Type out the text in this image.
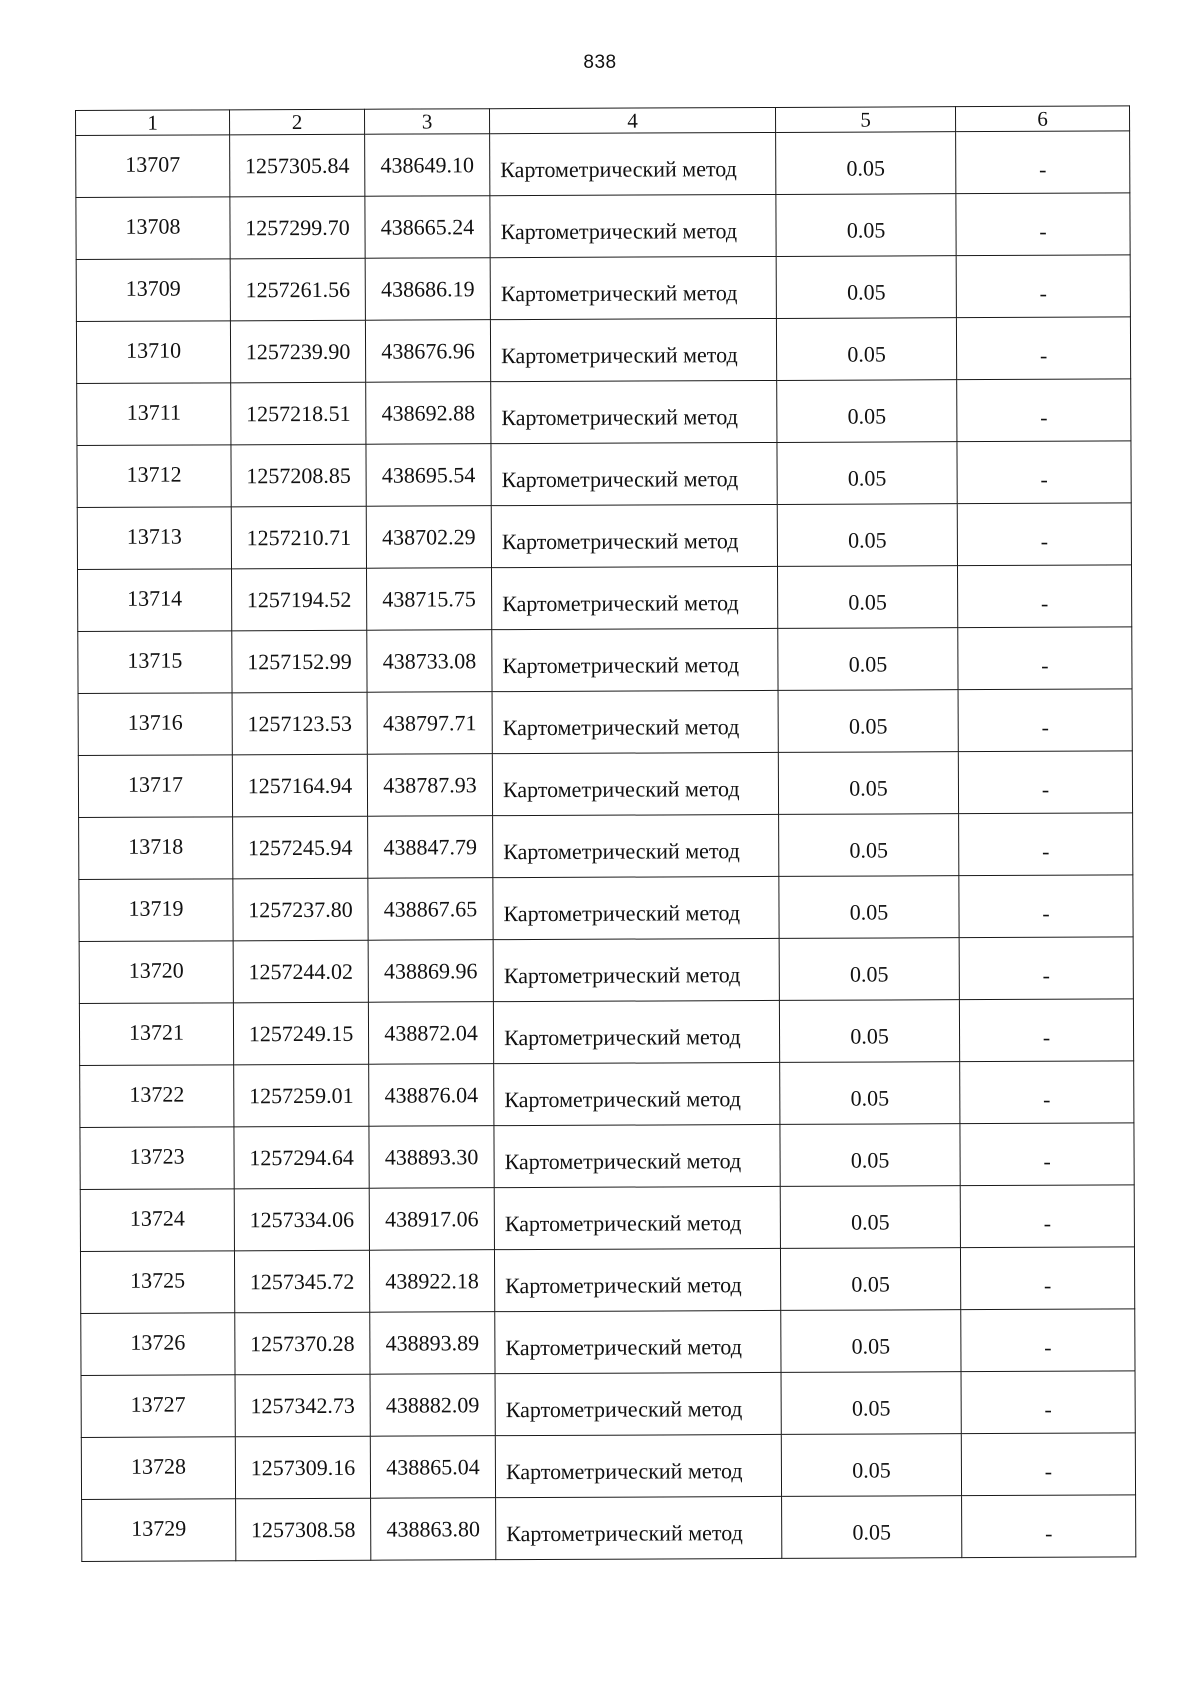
838
1	2	3	4	5	6
13707	1257305.84	438649.10	Картометрический метод	0.05	-
13708	1257299.70	438665.24	Картометрический метод	0.05	-
13709	1257261.56	438686.19	Картометрический метод	0.05	-
13710	1257239.90	438676.96	Картометрический метод	0.05	-
13711	1257218.51	438692.88	Картометрический метод	0.05	-
13712	1257208.85	438695.54	Картометрический метод	0.05	-
13713	1257210.71	438702.29	Картометрический метод	0.05	-
13714	1257194.52	438715.75	Картометрический метод	0.05	-
13715	1257152.99	438733.08	Картометрический метод	0.05	-
13716	1257123.53	438797.71	Картометрический метод	0.05	-
13717	1257164.94	438787.93	Картометрический метод	0.05	-
13718	1257245.94	438847.79	Картометрический метод	0.05	-
13719	1257237.80	438867.65	Картометрический метод	0.05	-
13720	1257244.02	438869.96	Картометрический метод	0.05	-
13721	1257249.15	438872.04	Картометрический метод	0.05	-
13722	1257259.01	438876.04	Картометрический метод	0.05	-
13723	1257294.64	438893.30	Картометрический метод	0.05	-
13724	1257334.06	438917.06	Картометрический метод	0.05	-
13725	1257345.72	438922.18	Картометрический метод	0.05	-
13726	1257370.28	438893.89	Картометрический метод	0.05	-
13727	1257342.73	438882.09	Картометрический метод	0.05	-
13728	1257309.16	438865.04	Картометрический метод	0.05	-
13729	1257308.58	438863.80	Картометрический метод	0.05	-
